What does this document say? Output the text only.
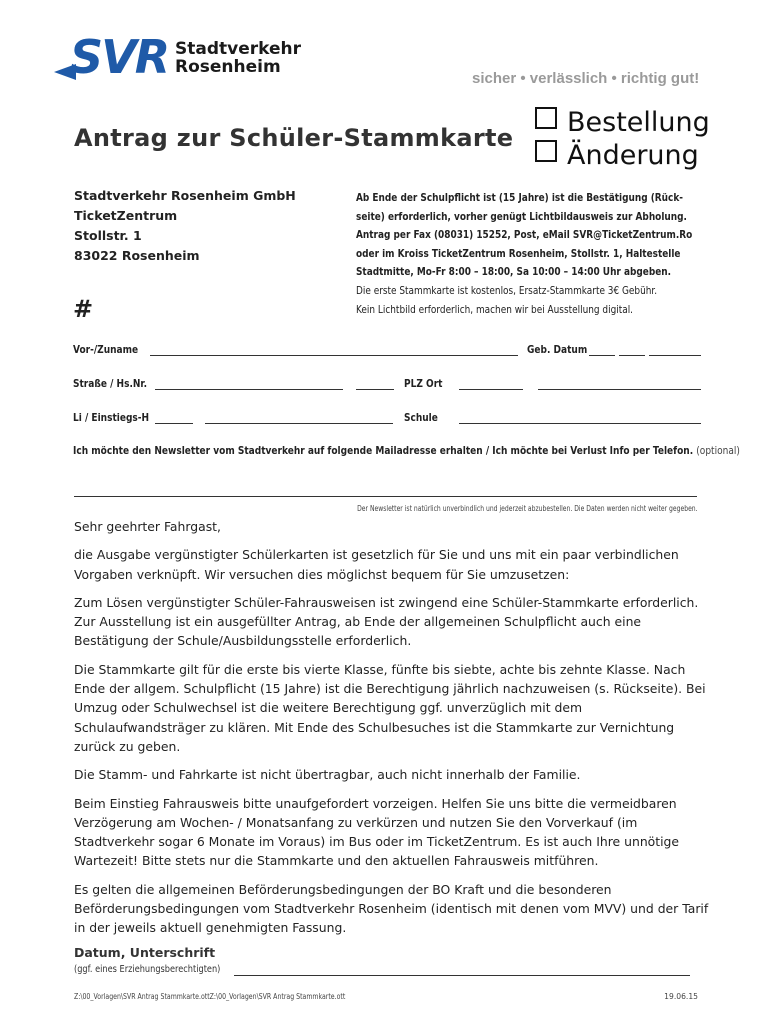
SVR Stadtverkehr
Rosenheim
sicher • verlässlich • richtig gut!
Antrag zur Schüler-Stammkarte	Bestellung
Änderung
Stadtverkehr Rosenheim GmbH
TicketZentrum
Stollstr. 1
83022 Rosenheim
Ab Ende der Schulpflicht ist (15 Jahre) ist die Bestätigung (Rück-
seite) erforderlich, vorher genügt Lichtbildausweis zur Abholung.
Antrag per Fax (08031) 15252, Post, eMail SVR@TicketZentrum.Ro
oder im Kroiss TicketZentrum Rosenheim, Stollstr. 1, Haltestelle
Stadtmitte, Mo-Fr 8:00 – 18:00, Sa 10:00 – 14:00 Uhr abgeben.
Die erste Stammkarte ist kostenlos, Ersatz-Stammkarte 3€ Gebühr.
Kein Lichtbild erforderlich, machen wir bei Ausstellung digital.
#
Vor-/Zuname	Geb. Datum
Straße / Hs.Nr.	PLZ Ort
Li / Einstiegs-H	Schule
Ich möchte den Newsletter vom Stadtverkehr auf folgende Mailadresse erhalten / Ich möchte bei Verlust Info per Telefon. (optional)
Der Newsletter ist natürlich unverbindlich und jederzeit abzubestellen. Die Daten werden nicht weiter gegeben.

Sehr geehrter Fahrgast,

die Ausgabe vergünstigter Schülerkarten ist gesetzlich für Sie und uns mit ein paar verbindlichen Vorgaben verknüpft. Wir versuchen dies möglichst bequem für Sie umzusetzen:

Zum Lösen vergünstigter Schüler-Fahrausweisen ist zwingend eine Schüler-Stammkarte erforderlich. Zur Ausstellung ist ein ausgefüllter Antrag, ab Ende der allgemeinen Schulpflicht auch eine Bestätigung der Schule/Ausbildungsstelle erforderlich.

Die Stammkarte gilt für die erste bis vierte Klasse, fünfte bis siebte, achte bis zehnte Klasse. Nach Ende der allgem. Schulpflicht (15 Jahre) ist die Berechtigung jährlich nachzuweisen (s. Rückseite). Bei Umzug oder Schulwechsel ist die weitere Berechtigung ggf. unverzüglich mit dem Schulaufwandsträger zu klären. Mit Ende des Schulbesuches ist die Stammkarte zur Vernichtung zurück zu geben.

Die Stamm- und Fahrkarte ist nicht übertragbar, auch nicht innerhalb der Familie.

Beim Einstieg Fahrausweis bitte unaufgefordert vorzeigen. Helfen Sie uns bitte die vermeidbaren Verzögerung am Wochen- / Monatsanfang zu verkürzen und nutzen Sie den Vorverkauf (im Stadtverkehr sogar 6 Monate im Voraus) im Bus oder im TicketZentrum. Es ist auch Ihre unnötige Wartezeit! Bitte stets nur die Stammkarte und den aktuellen Fahrausweis mitführen.

Es gelten die allgemeinen Beförderungsbedingungen der BO Kraft und die besonderen Beförderungsbedingungen vom Stadtverkehr Rosenheim (identisch mit denen vom MVV) und der Tarif in der jeweils aktuell genehmigten Fassung.

Datum, Unterschrift
(ggf. eines Erziehungsberechtigten)
Z:\00_Vorlagen\SVR Antrag Stammkarte.ottZ:\00_Vorlagen\SVR Antrag Stammkarte.ott	19.06.15
